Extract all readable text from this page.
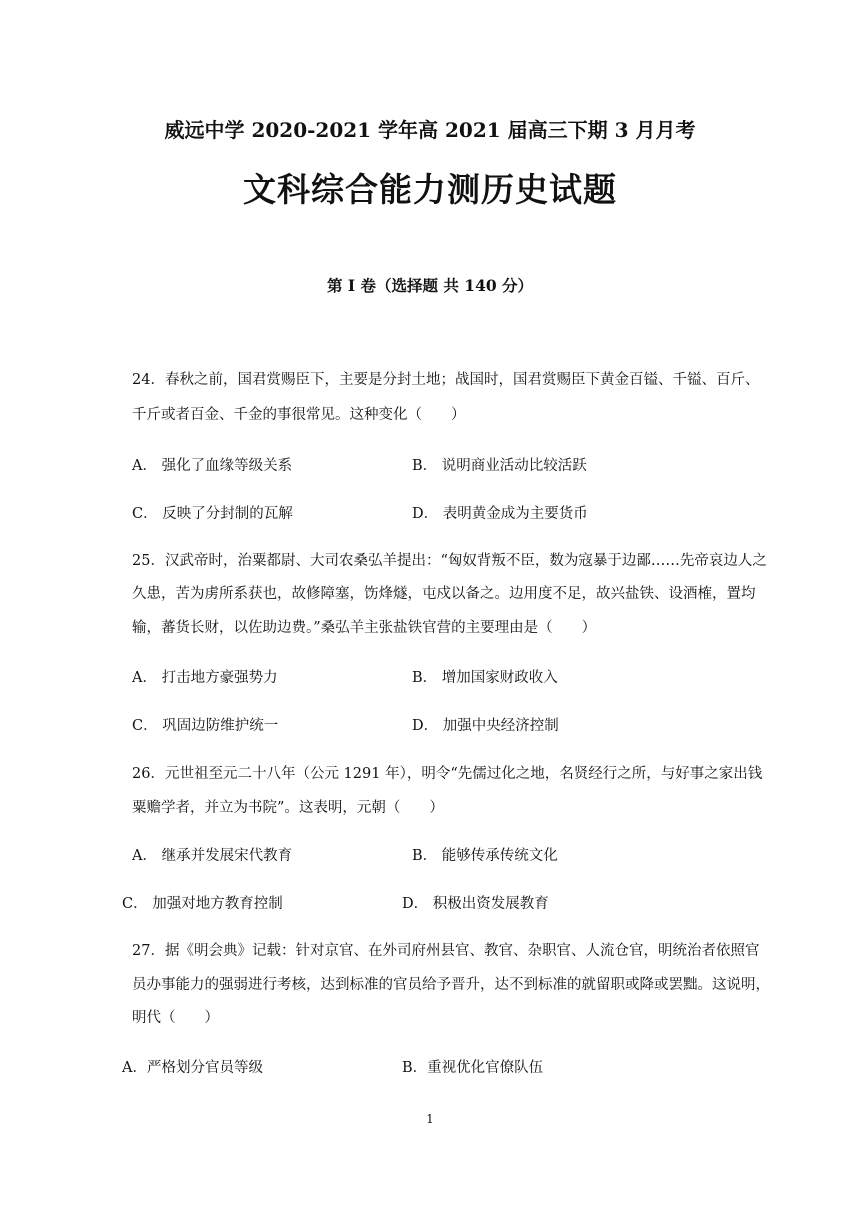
威远中学 2020-2021 学年高 2021 届高三下期 3 月月考
文科综合能力测历史试题
第 I 卷（选择题 共 140 分）
24．春秋之前，国君赏赐臣下，主要是分封土地；战国时，国君赏赐臣下黄金百镒、千镒、百斤、
千斤或者百金、千金的事很常见。这种变化（　　）
A． 强化了血缘等级关系	B． 说明商业活动比较活跃
C． 反映了分封制的瓦解	D． 表明黄金成为主要货币
25．汉武帝时，治粟都尉、大司农桑弘羊提出：“匈奴背叛不臣，数为寇暴于边鄙……先帝哀边人之
久患，苦为虏所系获也，故修障塞，饬烽燧，屯戍以备之。边用度不足，故兴盐铁、设酒榷，置均
输，蕃货长财，以佐助边费。”桑弘羊主张盐铁官营的主要理由是（　　）
A． 打击地方豪强势力	B． 增加国家财政收入
C． 巩固边防维护统一	D． 加强中央经济控制
26．元世祖至元二十八年（公元 1291 年），明令“先儒过化之地，名贤经行之所，与好事之家出钱
粟赡学者，并立为书院”。这表明，元朝（　　）
A． 继承并发展宋代教育	B． 能够传承传统文化
C． 加强对地方教育控制	D． 积极出资发展教育
27．据《明会典》记载：针对京官、在外司府州县官、教官、杂职官、人流仓官，明统治者依照官
员办事能力的强弱进行考核，达到标准的官员给予晋升，达不到标准的就留职或降或罢黜。这说明，
明代（　　）
A．严格划分官员等级	B．重视优化官僚队伍
1
